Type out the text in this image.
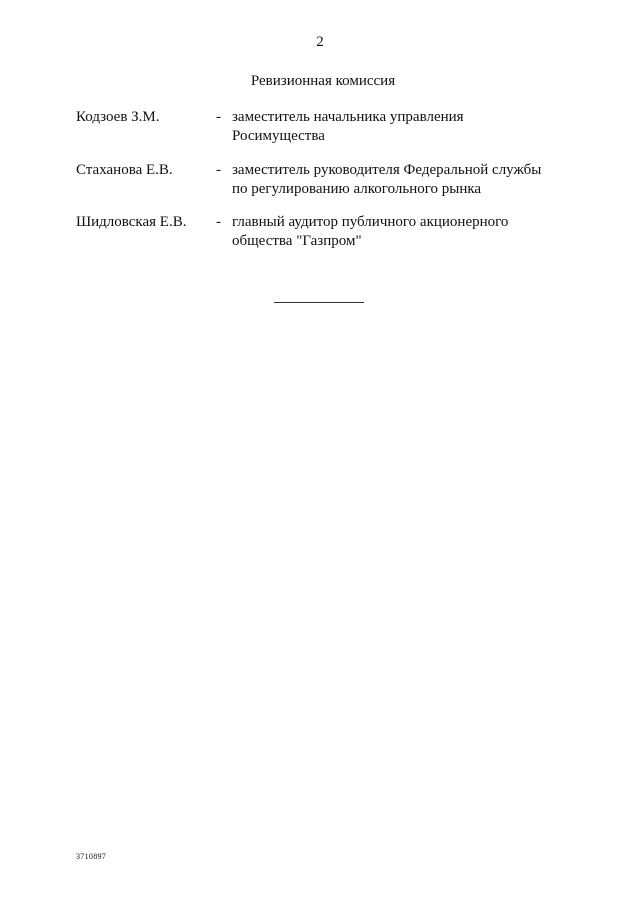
2
Ревизионная комиссия
Кодзоев З.М.	- заместитель начальника управления
Росимущества
Стаханова Е.В.	- заместитель руководителя Федеральной службы
по регулированию алкогольного рынка
Шидловская Е.В. - главный аудитор публичного акционерного
общества "Газпром"
3710897
